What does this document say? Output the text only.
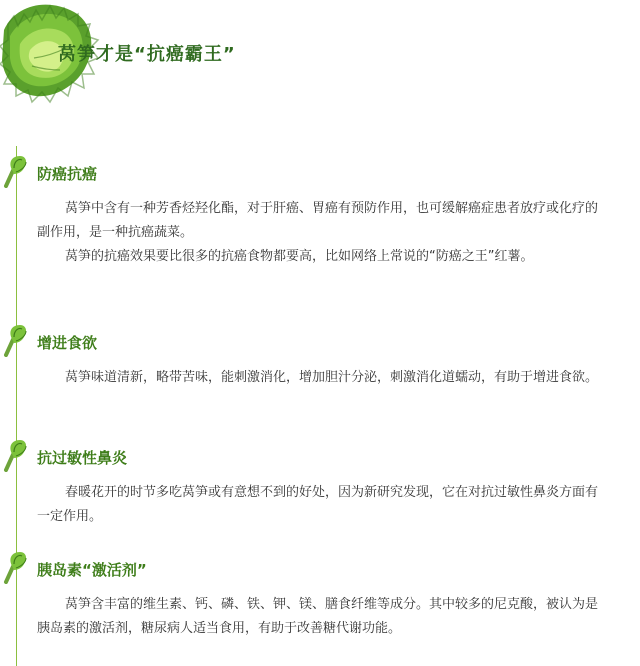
莴笋才是“抗癌霸王”
防癌抗癌

莴笋中含有一种芳香烃羟化酯，对于肝癌、胃癌有预防作用，也可缓解癌症患者放疗或化疗的副作用，是一种抗癌蔬菜。

莴笋的抗癌效果要比很多的抗癌食物都要高，比如网络上常说的“防癌之王”红薯。

增进食欲

莴笋味道清新，略带苦味，能刺激消化，增加胆汁分泌，刺激消化道蠕动，有助于增进食欲。

抗过敏性鼻炎

春暖花开的时节多吃莴笋或有意想不到的好处，因为新研究发现，它在对抗过敏性鼻炎方面有一定作用。

胰岛素“激活剂”

莴笋含丰富的维生素、钙、磷、铁、钾、镁、膳食纤维等成分。其中较多的尼克酸，被认为是胰岛素的激活剂，糖尿病人适当食用，有助于改善糖代谢功能。
